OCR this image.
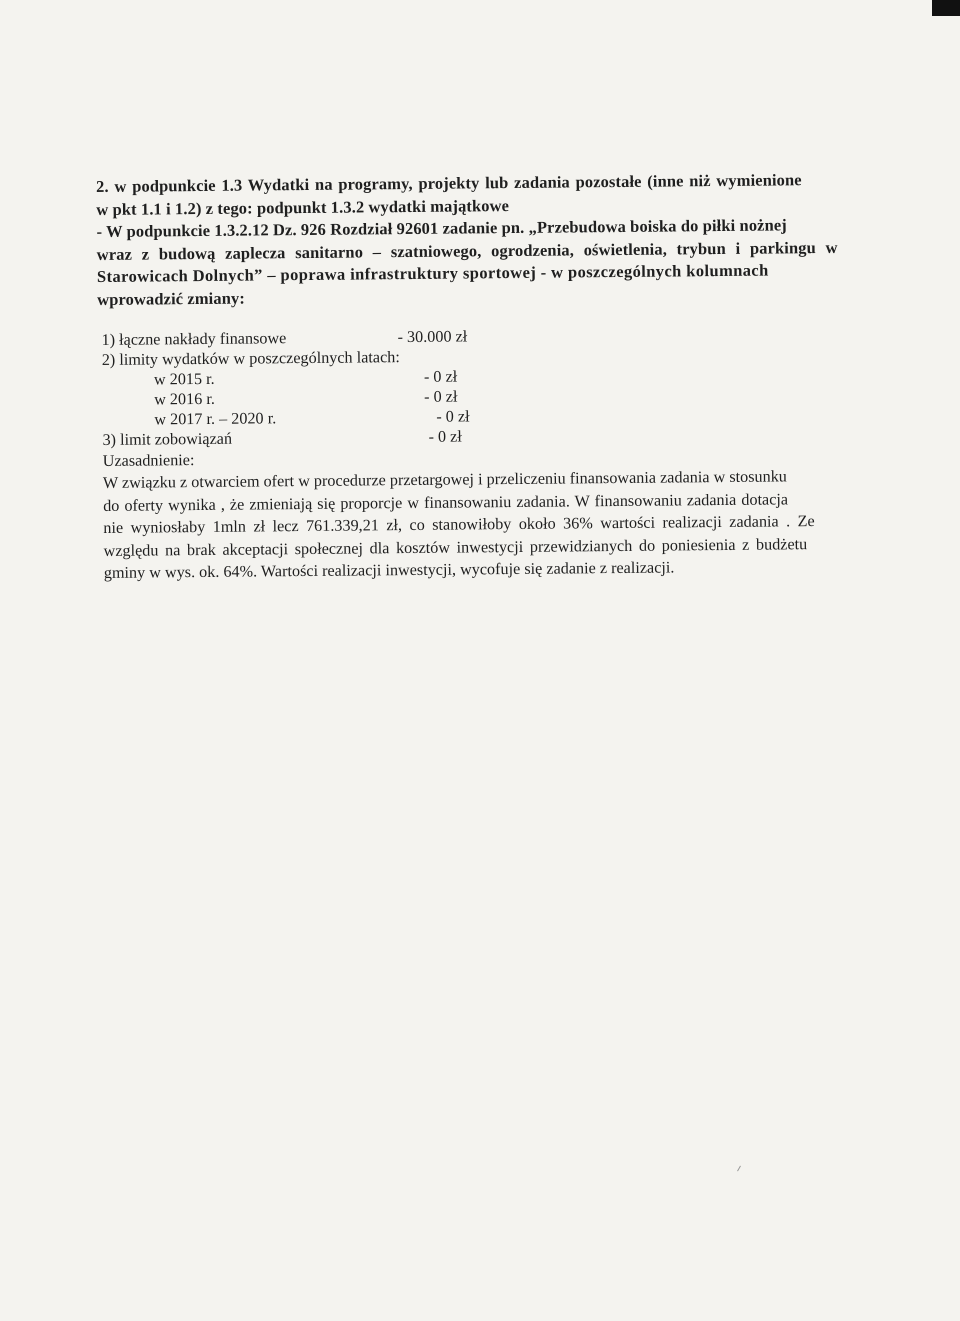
2. w podpunkcie 1.3 Wydatki na programy, projekty lub zadania pozostałe (inne niż wymienione
w pkt 1.1 i 1.2) z tego: podpunkt 1.3.2 wydatki majątkowe
- W podpunkcie 1.3.2.12 Dz. 926 Rozdział 92601 zadanie pn. „Przebudowa boiska do piłki nożnej
wraz z budową zaplecza sanitarno – szatniowego, ogrodzenia, oświetlenia, trybun i parkingu w
Starowicach Dolnych” – poprawa infrastruktury sportowej - w poszczególnych kolumnach
wprowadzić zmiany:
1) łączne nakłady finansowe	- 30.000 zł
2) limity wydatków w poszczególnych latach:
w 2015 r.	- 0 zł
w 2016 r.	- 0 zł
w 2017 r. – 2020 r.	- 0 zł
3) limit zobowiązań	- 0 zł

Uzasadnienie:

W związku z otwarciem ofert w procedurze przetargowej i przeliczeniu finansowania zadania w stosunku

do oferty wynika , że zmieniają się proporcje w finansowaniu zadania. W finansowaniu zadania dotacja

nie wyniosłaby 1mln zł lecz 761.339,21 zł, co stanowiłoby około 36% wartości realizacji zadania . Ze

względu na brak akceptacji społecznej dla kosztów inwestycji przewidzianych do poniesienia z budżetu

gminy w wys. ok. 64%. Wartości realizacji inwestycji, wycofuje się zadanie z realizacji.
